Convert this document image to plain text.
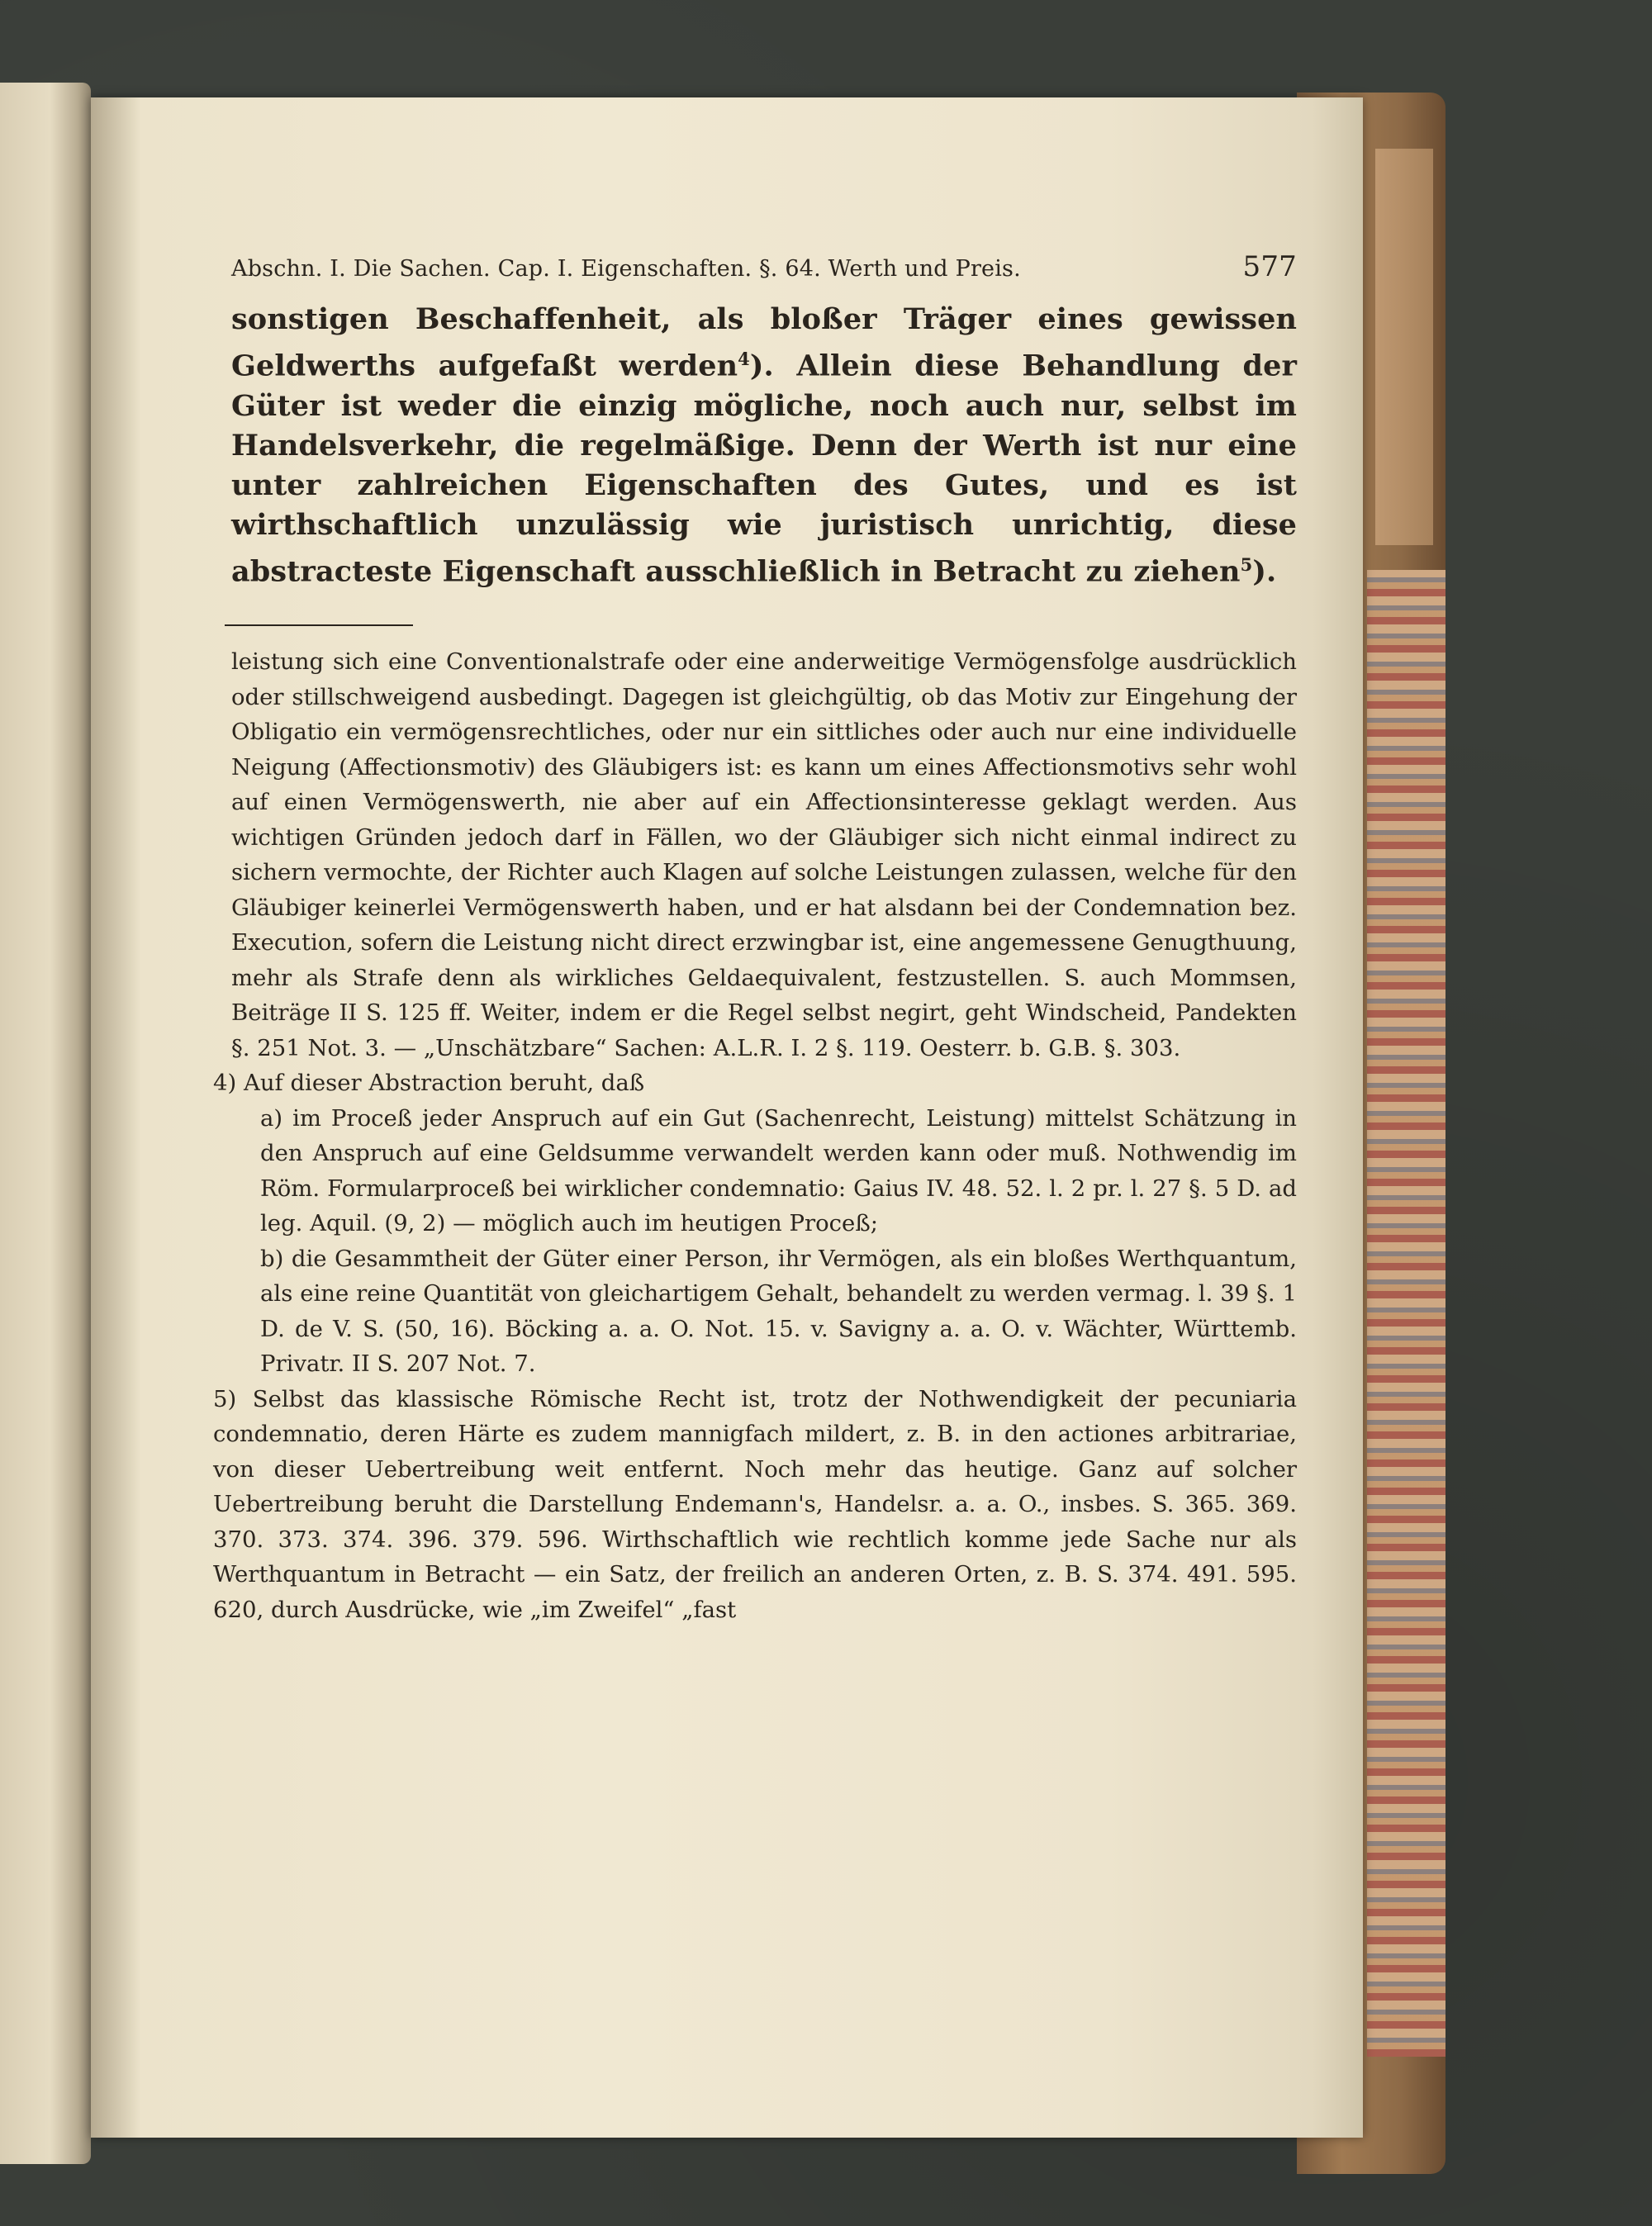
Abschn. I. Die Sachen. Cap. I. Eigenschaften. §. 64. Werth und Preis.	577
sonstigen Beschaffenheit, als bloßer Träger eines gewissen Geldwerths aufgefaßt werden$^4$). Allein diese Behandlung der Güter ist weder die einzig mögliche, noch auch nur, selbst im Handelsverkehr, die regelmäßige. Denn der Werth ist nur eine unter zahlreichen Eigenschaften des Gutes, und es ist wirthschaftlich unzulässig wie juristisch unrichtig, diese abstracteste Eigenschaft ausschließlich in Betracht zu ziehen$^5$).

leistung sich eine Conventionalstrafe oder eine anderweitige Vermögensfolge ausdrücklich oder stillschweigend ausbedingt. Dagegen ist gleichgültig, ob das Motiv zur Eingehung der Obligatio ein vermögensrechtliches, oder nur ein sittliches oder auch nur eine individuelle Neigung (Affectionsmotiv) des Gläubigers ist: es kann um eines Affectionsmotivs sehr wohl auf einen Vermögenswerth, nie aber auf ein Affectionsinteresse geklagt werden. Aus wichtigen Gründen jedoch darf in Fällen, wo der Gläubiger sich nicht einmal indirect zu sichern vermochte, der Richter auch Klagen auf solche Leistungen zulassen, welche für den Gläubiger keinerlei Vermögenswerth haben, und er hat alsdann bei der Condemnation bez. Execution, sofern die Leistung nicht direct erzwingbar ist, eine angemessene Genugthuung, mehr als Strafe denn als wirkliches Geldaequivalent, festzustellen. S. auch Mommsen, Beiträge II S. 125 ff. Weiter, indem er die Regel selbst negirt, geht Windscheid, Pandekten §. 251 Not. 3. — „Unschätzbare“ Sachen: A.L.R. I. 2 §. 119. Oesterr. b. G.B. §. 303.

4) Auf dieser Abstraction beruht, daß

a) im Proceß jeder Anspruch auf ein Gut (Sachenrecht, Leistung) mittelst Schätzung in den Anspruch auf eine Geldsumme verwandelt werden kann oder muß. Nothwendig im Röm. Formularproceß bei wirklicher condemnatio: Gaius IV. 48. 52. l. 2 pr. l. 27 §. 5 D. ad leg. Aquil. (9, 2) — möglich auch im heutigen Proceß;

b) die Gesammtheit der Güter einer Person, ihr Vermögen, als ein bloßes Werthquantum, als eine reine Quantität von gleichartigem Gehalt, behandelt zu werden vermag. l. 39 §. 1 D. de V. S. (50, 16). Böcking a. a. O. Not. 15. v. Savigny a. a. O. v. Wächter, Württemb. Privatr. II S. 207 Not. 7.

5) Selbst das klassische Römische Recht ist, trotz der Nothwendigkeit der pecuniaria condemnatio, deren Härte es zudem mannigfach mildert, z. B. in den actiones arbitrariae, von dieser Uebertreibung weit entfernt. Noch mehr das heutige. Ganz auf solcher Uebertreibung beruht die Darstellung Endemann's, Handelsr. a. a. O., insbes. S. 365. 369. 370. 373. 374. 396. 379. 596. Wirthschaftlich wie rechtlich komme jede Sache nur als Werthquantum in Betracht — ein Satz, der freilich an anderen Orten, z. B. S. 374. 491. 595. 620, durch Ausdrücke, wie „im Zweifel“ „fast
